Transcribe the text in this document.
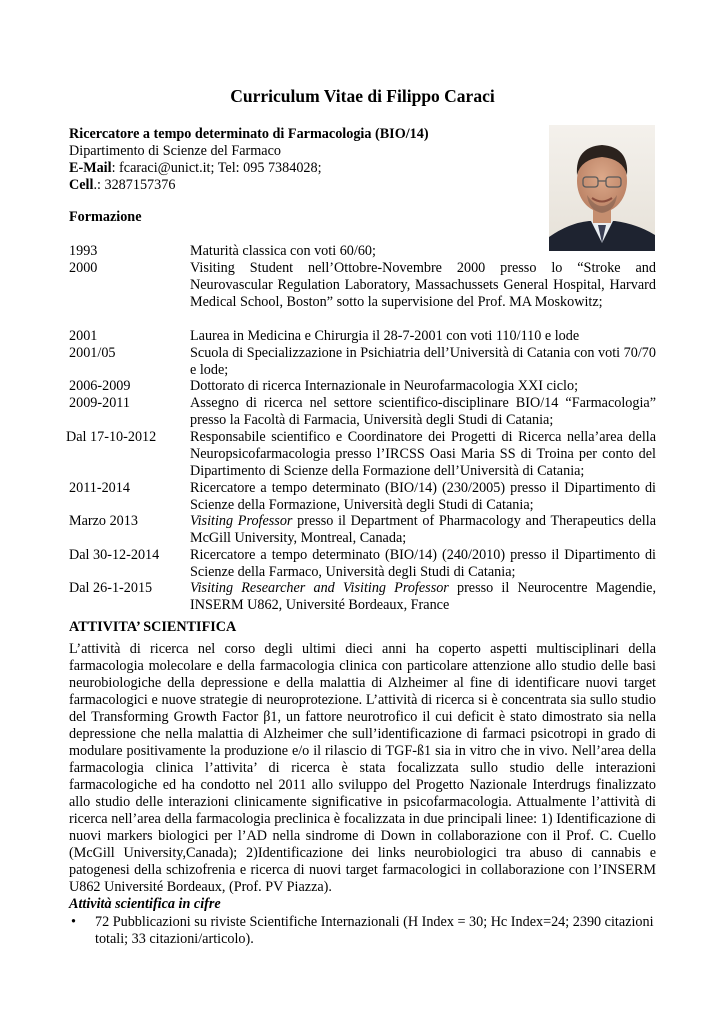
Curriculum Vitae di Filippo Caraci
Ricercatore a tempo determinato di Farmacologia (BIO/14)
Dipartimento di Scienze del Farmaco
E-Mail: fcaraci@unict.it; Tel: 095 7384028;
Cell.: 3287157376
Formazione
1993	Maturità classica con voti 60/60;
2000	Visiting Student nell’Ottobre-Novembre 2000 presso lo “Stroke and Neurovascular Regulation Laboratory, Massachussets General Hospital, Harvard Medical School, Boston” sotto la supervisione del Prof. MA Moskowitz;
2001	Laurea in Medicina e Chirurgia il 28-7-2001 con voti 110/110 e lode
2001/05	Scuola di Specializzazione in Psichiatria dell’Università di Catania con voti 70/70 e lode;
2006-2009	Dottorato di ricerca Internazionale in Neurofarmacologia XXI ciclo;
2009-2011	Assegno di ricerca nel settore scientifico-disciplinare BIO/14 “Farmacologia” presso la Facoltà di Farmacia, Università degli Studi di Catania;
Dal 17-10-2012 Responsabile scientifico e Coordinatore dei Progetti di Ricerca nella’area della Neuropsicofarmacologia presso l’IRCSS Oasi Maria SS di Troina per conto del Dipartimento di Scienze della Formazione dell’Università di Catania;
2011-2014	Ricercatore a tempo determinato (BIO/14) (230/2005) presso il Dipartimento di Scienze della Formazione, Università degli Studi di Catania;
Marzo 2013	Visiting Professor presso il Department of Pharmacology and Therapeutics della McGill University, Montreal, Canada;
Dal 30-12-2014 Ricercatore a tempo determinato (BIO/14) (240/2010) presso il Dipartimento di Scienze della Farmaco, Università degli Studi di Catania;
Dal 26-1-2015	Visiting Researcher and Visiting Professor presso il Neurocentre Magendie, INSERM U862, Université Bordeaux, France
ATTIVITA’ SCIENTIFICA
L’attività di ricerca nel corso degli ultimi dieci anni ha coperto aspetti multisciplinari della farmacologia molecolare e della farmacologia clinica con particolare attenzione allo studio delle basi neurobiologiche della depressione e della malattia di Alzheimer al fine di identificare nuovi target farmacologici e nuove strategie di neuroprotezione. L’attività di ricerca si è concentrata sia sullo studio del Transforming Growth Factor β1, un fattore neurotrofico il cui deficit è stato dimostrato sia nella depressione che nella malattia di Alzheimer che sull’identificazione di farmaci psicotropi in grado di modulare positivamente la produzione e/o il rilascio di TGF-ß1 sia in vitro che in vivo. Nell’area della farmacologia clinica l’attivita’ di ricerca è stata focalizzata sullo studio delle interazioni farmacologiche ed ha condotto nel 2011 allo sviluppo del Progetto Nazionale Interdrugs finalizzato allo studio delle interazioni clinicamente significative in psicofarmacologia. Attualmente l’attività di ricerca nell’area della farmacologia preclinica è focalizzata in due principali linee: 1) Identificazione di nuovi markers biologici per l’AD nella sindrome di Down in collaborazione con il Prof. C. Cuello (McGill University,Canada); 2)Identificazione dei links neurobiologici tra abuso di cannabis e patogenesi della schizofrenia e ricerca di nuovi target farmacologici in collaborazione con l’INSERM U862 Université Bordeaux, (Prof. PV Piazza).
Attività scientifica in cifre
• 72 Pubblicazioni su riviste Scientifiche Internazionali (H Index = 30; Hc Index=24; 2390 citazioni totali; 33 citazioni/articolo).
